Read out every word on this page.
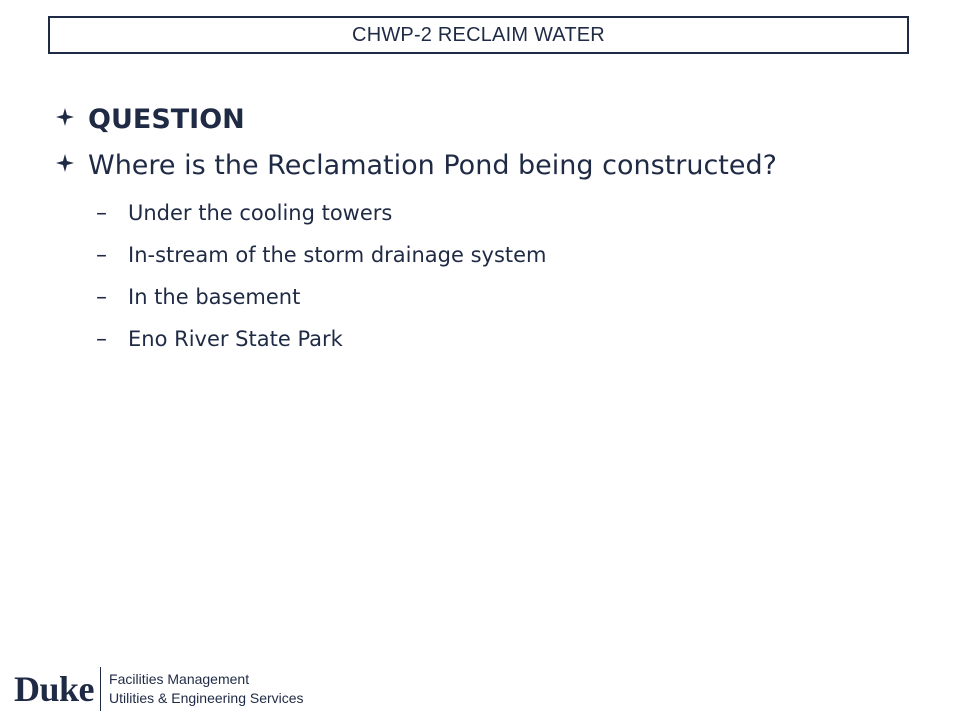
CHWP-2 RECLAIM WATER
QUESTION
Where is the Reclamation Pond being constructed?
–	Under the cooling towers
–	In-stream of the storm drainage system
–	In the basement
–	Eno River State Park
Duke	Facilities Management
Utilities & Engineering Services
